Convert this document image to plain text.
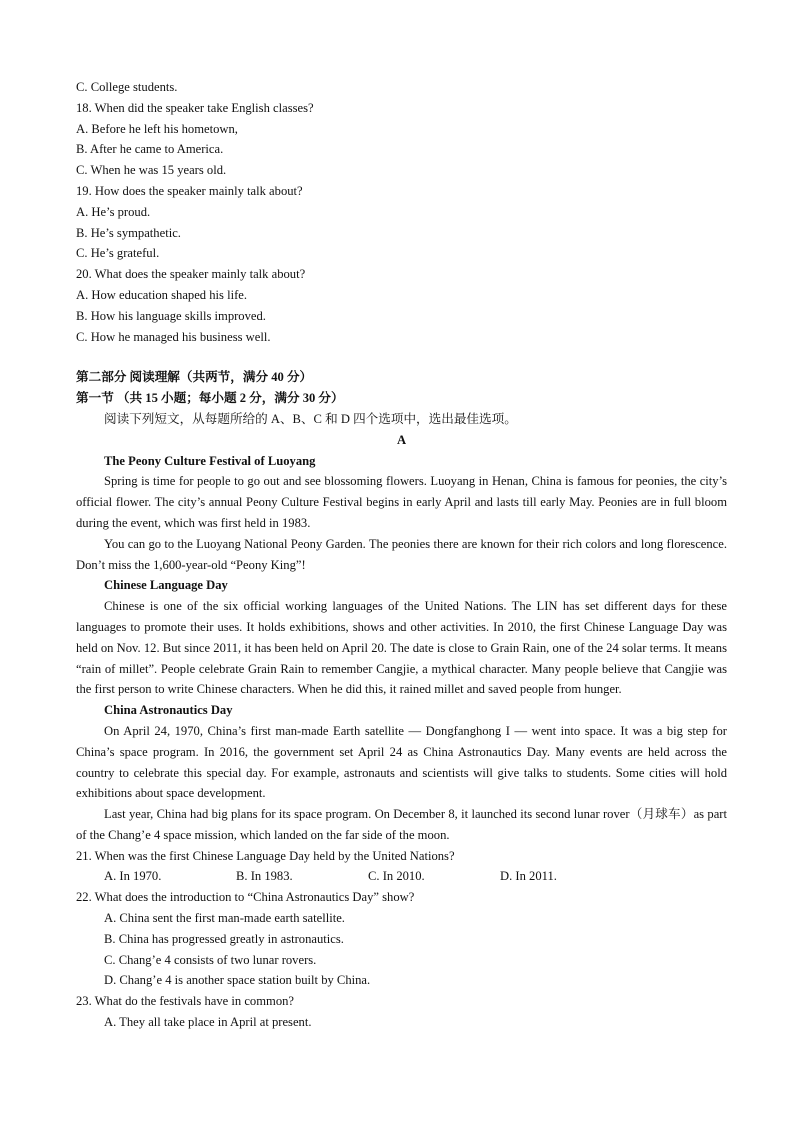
C. College students.
18. When did the speaker take English classes?
A. Before he left his hometown,
B. After he came to America.
C. When he was 15 years old.
19. How does the speaker mainly talk about?
A. He’s proud.
B. He’s sympathetic.
C. He’s grateful.
20. What does the speaker mainly talk about?
A. How education shaped his life.
B. How his language skills improved.
C. How he managed his business well.
第二部分 阅读理解（共两节，满分 40 分）
第一节 （共 15 小题；每小题 2 分，满分 30 分）
阅读下列短文，从每题所给的 A、B、C 和 D 四个选项中，选出最佳选项。
A
The Peony Culture Festival of Luoyang

Spring is time for people to go out and see blossoming flowers. Luoyang in Henan, China is famous for peonies, the city’s official flower. The city’s annual Peony Culture Festival begins in early April and lasts till early May. Peonies are in full bloom during the event, which was first held in 1983.

You can go to the Luoyang National Peony Garden. The peonies there are known for their rich colors and long florescence. Don’t miss the 1,600-year-old “Peony King”!

Chinese Language Day

Chinese is one of the six official working languages of the United Nations. The LIN has set different days for these languages to promote their uses. It holds exhibitions, shows and other activities. In 2010, the first Chinese Language Day was held on Nov. 12. But since 2011, it has been held on April 20. The date is close to Grain Rain, one of the 24 solar terms. It means “rain of millet”. People celebrate Grain Rain to remember Cangjie, a mythical character. Many people believe that Cangjie was the first person to write Chinese characters. When he did this, it rained millet and saved people from hunger.

China Astronautics Day

On April 24, 1970, China’s first man-made Earth satellite — Dongfanghong I — went into space. It was a big step for China’s space program. In 2016, the government set April 24 as China Astronautics Day. Many events are held across the country to celebrate this special day. For example, astronauts and scientists will give talks to students. Some cities will hold exhibitions about space development.

Last year, China had big plans for its space program. On December 8, it launched its second lunar rover（月球车）as part of the Chang’e 4 space mission, which landed on the far side of the moon.

21. When was the first Chinese Language Day held by the United Nations?
A. In 1970.	B. In 1983.	C. In 2010.	D. In 2011.
22. What does the introduction to “China Astronautics Day” show?
A. China sent the first man-made earth satellite.
B. China has progressed greatly in astronautics.
C. Chang’e 4 consists of two lunar rovers.
D. Chang’e 4 is another space station built by China.
23. What do the festivals have in common?
A. They all take place in April at present.
